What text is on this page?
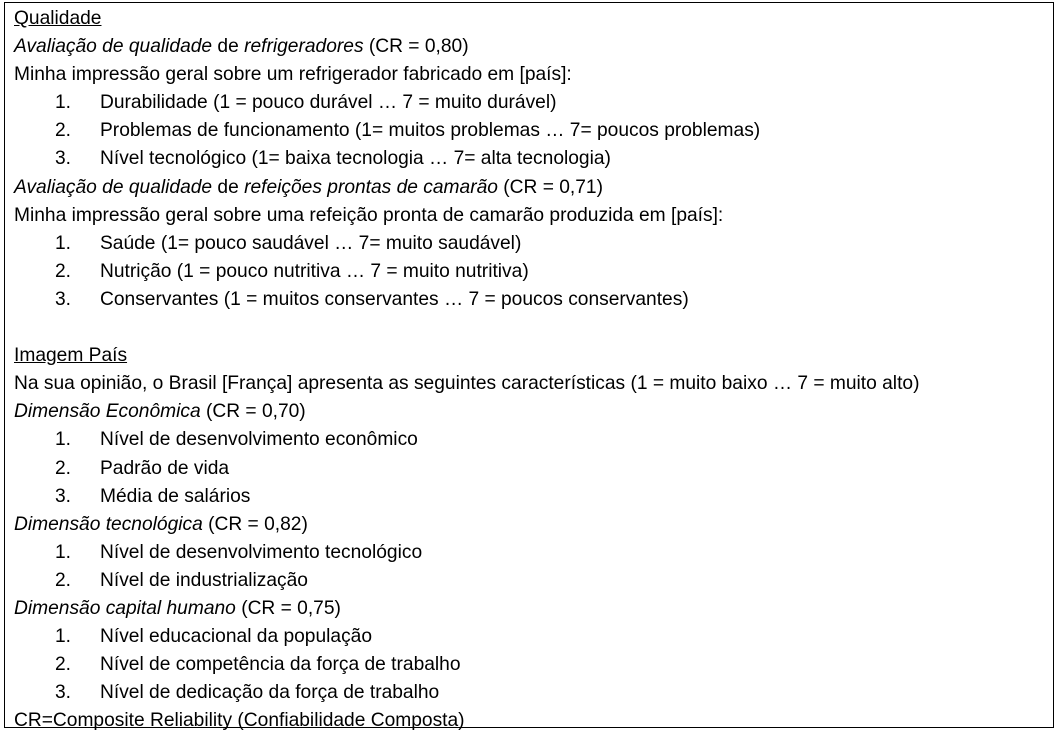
Qualidade
Avaliação de qualidade de refrigeradores (CR = 0,80)
Minha impressão geral sobre um refrigerador fabricado em [país]:
1.	Durabilidade (1 = pouco durável … 7 = muito durável)
2.	Problemas de funcionamento (1= muitos problemas … 7= poucos problemas)
3.	Nível tecnológico (1= baixa tecnologia … 7= alta tecnologia)
Avaliação de qualidade de refeições prontas de camarão (CR = 0,71)
Minha impressão geral sobre uma refeição pronta de camarão produzida em [país]:
1.	Saúde (1= pouco saudável … 7= muito saudável)
2.	Nutrição (1 = pouco nutritiva … 7 = muito nutritiva)
3.	Conservantes (1 = muitos conservantes … 7 = poucos conservantes)
Imagem País
Na sua opinião, o Brasil [França] apresenta as seguintes características (1 = muito baixo … 7 = muito alto)
Dimensão Econômica (CR = 0,70)
1.	Nível de desenvolvimento econômico
2.	Padrão de vida
3.	Média de salários
Dimensão tecnológica (CR = 0,82)
1.	Nível de desenvolvimento tecnológico
2.	Nível de industrialização
Dimensão capital humano (CR = 0,75)
1.	Nível educacional da população
2.	Nível de competência da força de trabalho
3.	Nível de dedicação da força de trabalho
CR=Composite Reliability (Confiabilidade Composta)
